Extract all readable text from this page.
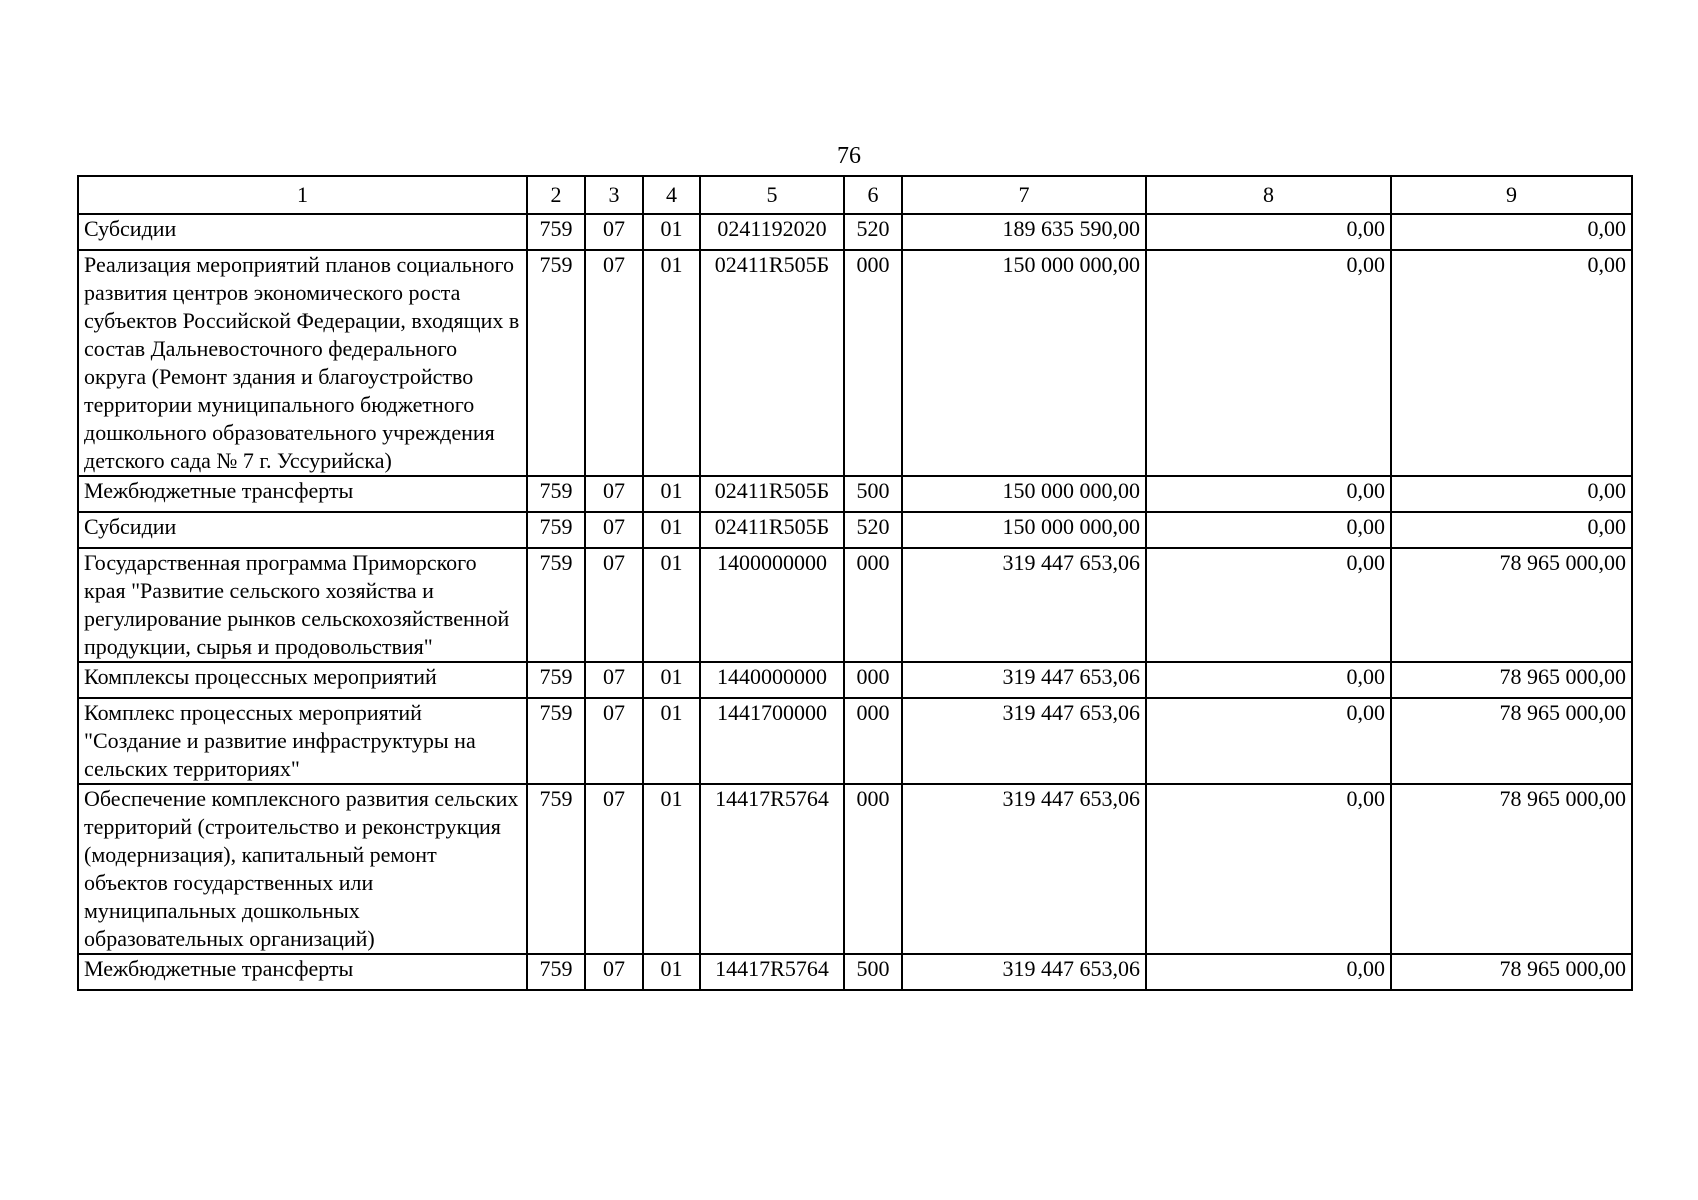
76
1	2	3	4	5	6	7	8	9
Субсидии	759	07	01	0241192020	520	189 635 590,00	0,00	0,00
Реализация мероприятий планов социального развития центров экономического роста субъектов Российской Федерации, входящих в состав Дальневосточного федерального округа (Ремонт здания и благоустройство территории муниципального бюджетного дошкольного образовательного учреждения детского сада № 7 г. Уссурийска)	759	07	01	02411R505Б	000	150 000 000,00	0,00	0,00
Межбюджетные трансферты	759	07	01	02411R505Б	500	150 000 000,00	0,00	0,00
Субсидии	759	07	01	02411R505Б	520	150 000 000,00	0,00	0,00
Государственная программа Приморского края "Развитие сельского хозяйства и регулирование рынков сельскохозяйственной продукции, сырья и продовольствия"	759	07	01	1400000000	000	319 447 653,06	0,00	78 965 000,00
Комплексы процессных мероприятий	759	07	01	1440000000	000	319 447 653,06	0,00	78 965 000,00
Комплекс процессных мероприятий "Создание и развитие инфраструктуры на сельских территориях"	759	07	01	1441700000	000	319 447 653,06	0,00	78 965 000,00
Обеспечение комплексного развития сельских территорий (строительство и реконструкция (модернизация), капитальный ремонт объектов государственных или муниципальных дошкольных образовательных организаций)	759	07	01	14417R5764	000	319 447 653,06	0,00	78 965 000,00
Межбюджетные трансферты	759	07	01	14417R5764	500	319 447 653,06	0,00	78 965 000,00
